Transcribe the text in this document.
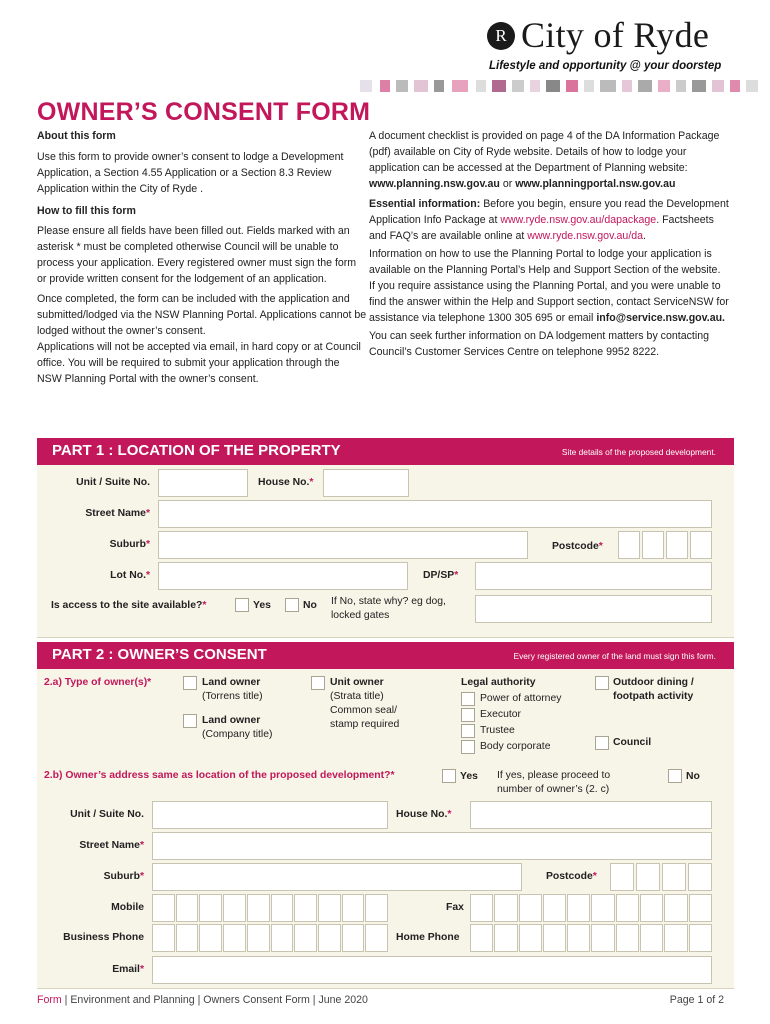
R City of Ryde
Lifestyle and opportunity @ your doorstep
OWNER’S CONSENT FORM

About this form

Use this form to provide owner’s consent to lodge a Development Application, a Section 4.55 Application or a Section 8.3 Review Application within the City of Ryde .

How to fill this form

Please ensure all fields have been filled out. Fields marked with an asterisk * must be completed otherwise Council will be unable to process your application. Every registered owner must sign the form or provide written consent for the lodgement of an application.

Once completed, the form can be included with the application and submitted/lodged via the NSW Planning Portal. Applications cannot be lodged without the owner’s consent.

Applications will not be accepted via email, in hard copy or at Council office. You will be required to submit your application through the NSW Planning Portal with the owner’s consent.

A document checklist is provided on page 4 of the DA Information Package (pdf) available on City of Ryde website. Details of how to lodge your application can be accessed at the Department of Planning website: www.planning.nsw.gov.au or www.planningportal.nsw.gov.au

Essential information: Before you begin, ensure you read the Development Application Info Package at www.ryde.nsw.gov.au/dapackage. Factsheets and FAQ’s are available online at www.ryde.nsw.gov.au/da.

Information on how to use the Planning Portal to lodge your application is available on the Planning Portal’s Help and Support Section of the website. If you require assistance using the Planning Portal, and you were unable to find the answer within the Help and Support section, contact ServiceNSW for assistance via telephone 1300 305 695 or email info@service.nsw.gov.au.

You can seek further information on DA lodgement matters by contacting Council’s Customer Services Centre on telephone 9952 8222.

PART 1 : LOCATION OF THE PROPERTY	Site details of the proposed development.
Unit / Suite No.	House No.*
Street Name*
Suburb*	Postcode*
Lot No.*	DP/SP*
Is access to the site available?*	Yes	No If No, state why? eg dog, locked gates
PART 2 : OWNER’S CONSENT	Every registered owner of the land must sign this form.
2.a) Type of owner(s)*	Land owner
(Torrens title)
Land owner
(Company title)
Unit owner
(Strata title)
Common seal/
stamp required
Legal authority
Power of attorney
Executor
Trustee
Body corporate
Outdoor dining /
footpath activity
Council
2.b) Owner’s address same as location of the proposed development?*	Yes If yes, please proceed to number of owner’s (2. c)
No
Unit / Suite No.	House No.*
Street Name*
Suburb*	Postcode*
Mobile	Fax
Business Phone	Home Phone
Email*
Form | Environment and Planning | Owners Consent Form | June 2020	Page 1 of 2
